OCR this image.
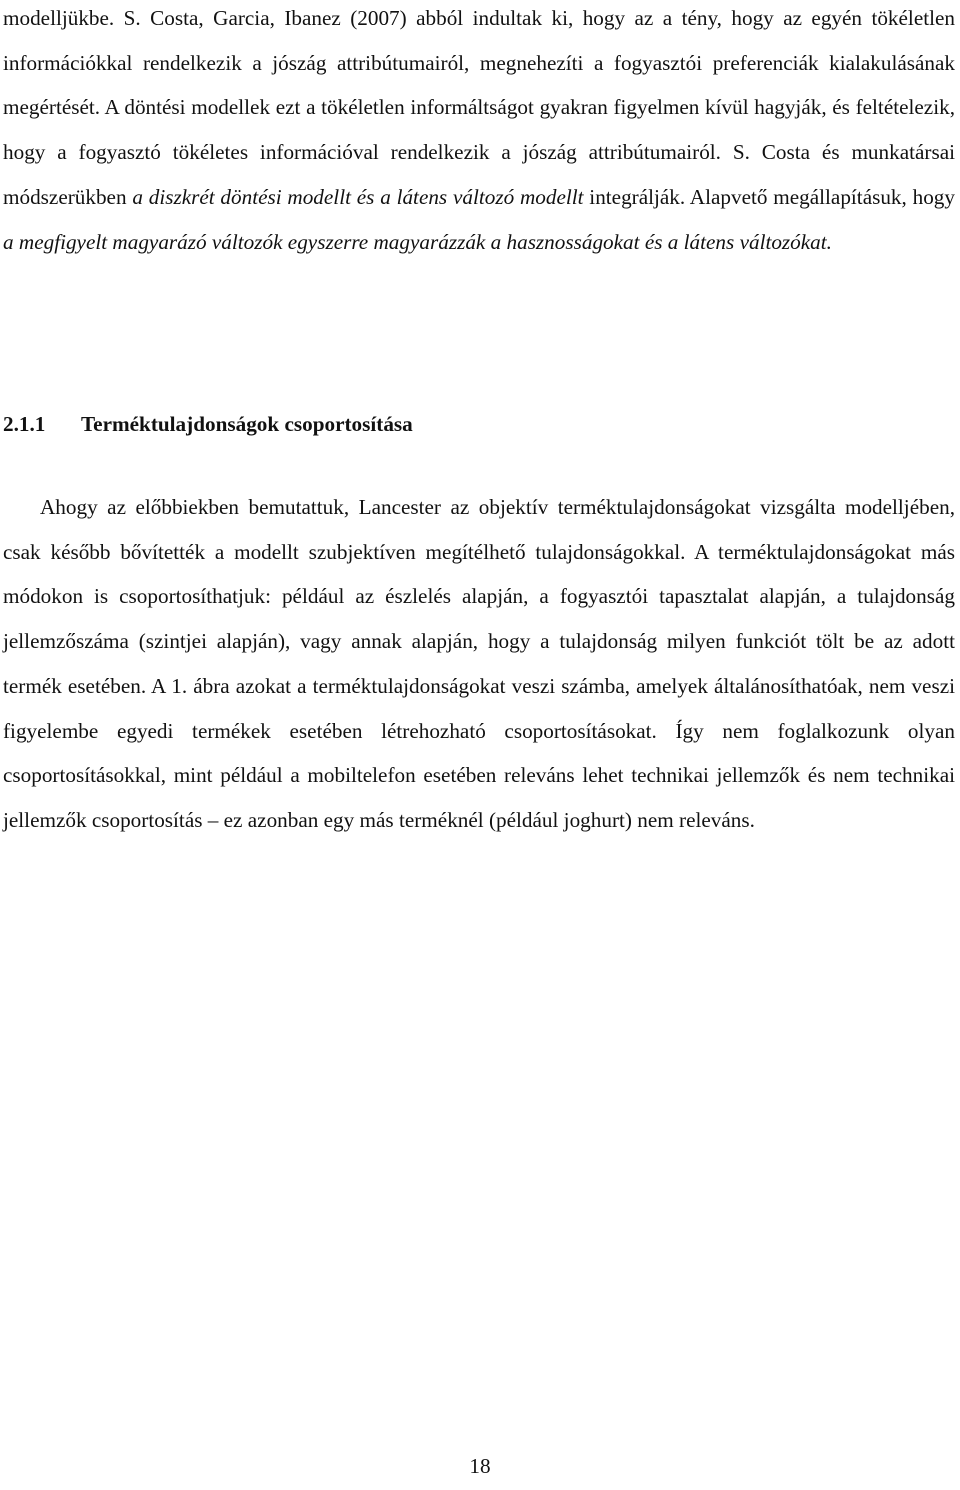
modelljükbe. S. Costa, Garcia, Ibanez (2007) abból indultak ki, hogy az a tény, hogy az egyén tökéletlen információkkal rendelkezik a jószág attribútumairól, megnehezíti a fogyasztói preferenciák kialakulásának megértését. A döntési modellek ezt a tökéletlen informáltságot gyakran figyelmen kívül hagyják, és feltételezik, hogy a fogyasztó tökéletes információval rendelkezik a jószág attribútumairól. S. Costa és munkatársai módszerükben a diszkrét döntési modellt és a látens változó modellt integrálják. Alapvető megállapításuk, hogy a megfigyelt magyarázó változók egyszerre magyarázzák a hasznosságokat és a látens változókat.

2.1.1 Terméktulajdonságok csoportosítása

Ahogy az előbbiekben bemutattuk, Lancester az objektív terméktulajdonságokat vizsgálta modelljében, csak később bővítették a modellt szubjektíven megítélhető tulajdonságokkal. A terméktulajdonságokat más módokon is csoportosíthatjuk: például az észlelés alapján, a fogyasztói tapasztalat alapján, a tulajdonság jellemzőszáma (szintjei alapján), vagy annak alapján, hogy a tulajdonság milyen funkciót tölt be az adott termék esetében. A 1. ábra azokat a terméktulajdonságokat veszi számba, amelyek általánosíthatóak, nem veszi figyelembe egyedi termékek esetében létrehozható csoportosításokat. Így nem foglalkozunk olyan csoportosításokkal, mint például a mobiltelefon esetében releváns lehet technikai jellemzők és nem technikai jellemzők csoportosítás – ez azonban egy más terméknél (például joghurt) nem releváns.

18
